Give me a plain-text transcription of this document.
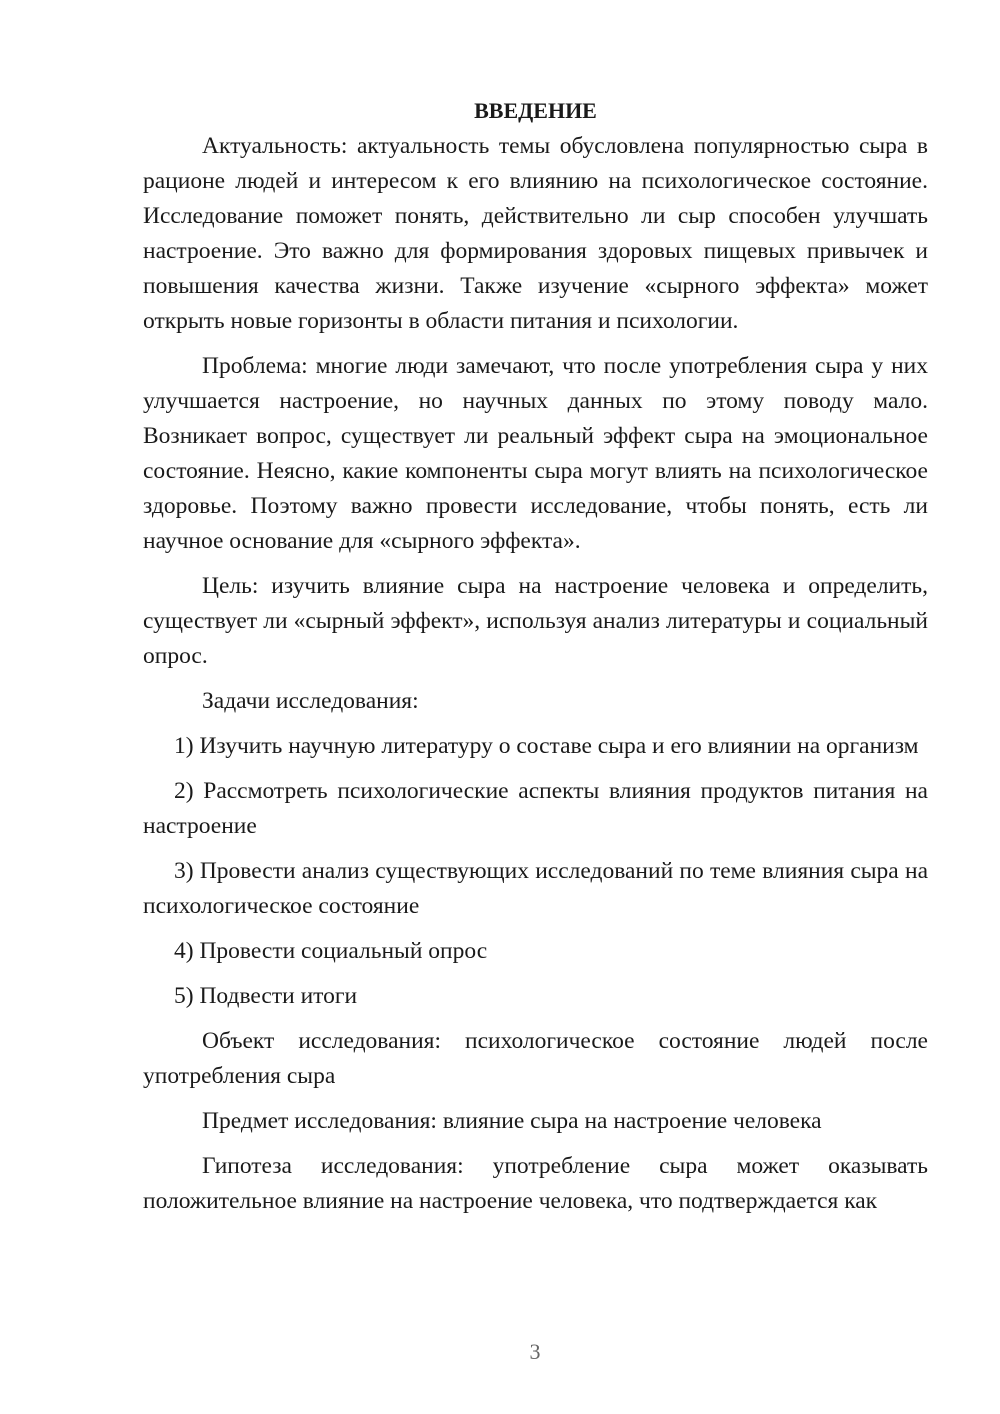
ВВЕДЕНИЕ

Актуальность: актуальность темы обусловлена популярностью сыра в рационе людей и интересом к его влиянию на психологическое состояние. Исследование поможет понять, действительно ли сыр способен улучшать настроение. Это важно для формирования здоровых пищевых привычек и повышения качества жизни. Также изучение «сырного эффекта» может открыть новые горизонты в области питания и психологии.

Проблема: многие люди замечают, что после употребления сыра у них улучшается настроение, но научных данных по этому поводу мало. Возникает вопрос, существует ли реальный эффект сыра на эмоциональное состояние. Неясно, какие компоненты сыра могут влиять на психологическое здоровье. Поэтому важно провести исследование, чтобы понять, есть ли научное основание для «сырного эффекта».

Цель: изучить влияние сыра на настроение человека и определить, существует ли «сырный эффект», используя анализ литературы и социальный опрос.

Задачи исследования:

1) Изучить научную литературу о составе сыра и его влиянии на организм

2) Рассмотреть психологические аспекты влияния продуктов питания на настроение

3) Провести анализ существующих исследований по теме влияния сыра на психологическое состояние

4) Провести социальный опрос

5) Подвести итоги

Объект исследования: психологическое состояние людей после употребления сыра

Предмет исследования: влияние сыра на настроение человека

Гипотеза исследования: употребление сыра может оказывать положительное влияние на настроение человека, что подтверждается как

3
